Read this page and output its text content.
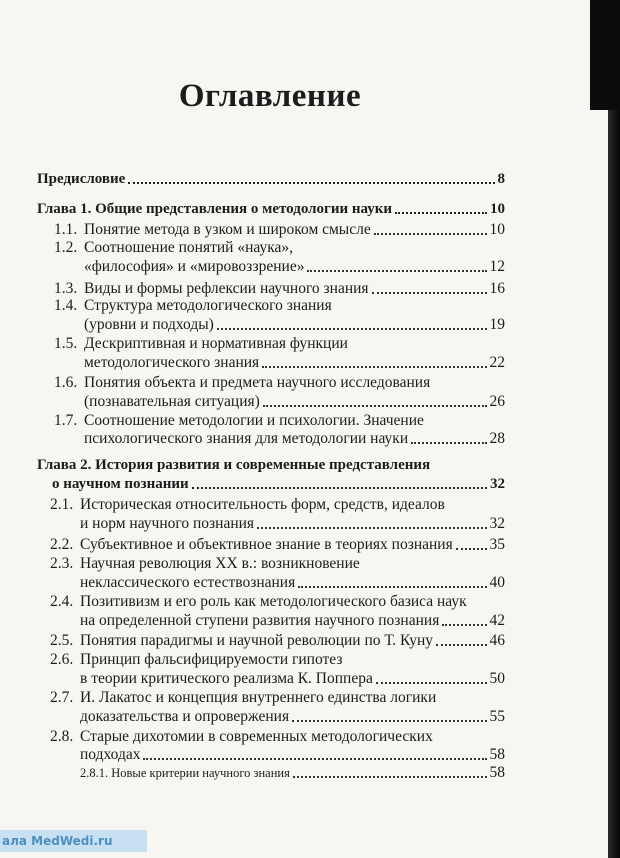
Оглавление
Предисловие	8
Глава 1. Общие представления о методологии науки	10
1.1. Понятие метода в узком и широком смысле	10
1.2. Соотношение понятий «наука»,
«философия» и «мировоззрение»	12
1.3. Виды и формы рефлексии научного знания	16
1.4. Структура методологического знания
(уровни и подходы)	19
1.5. Дескриптивная и нормативная функции
методологического знания	22
1.6. Понятия объекта и предмета научного исследования
(познавательная ситуация)	26
1.7. Соотношение методологии и психологии. Значение
психологического знания для методологии науки	28
Глава 2. История развития и современные представления
о научном познании	32
2.1. Историческая относительность форм, средств, идеалов
и норм научного познания	32
2.2. Субъективное и объективное знание в теориях познания 35
2.3. Научная революция XX в.: возникновение
неклассического естествознания	40
2.4. Позитивизм и его роль как методологического базиса наук
на определенной ступени развития научного познания	42
2.5. Понятия парадигмы и научной революции по Т. Куну	46
2.6. Принцип фальсифицируемости гипотез
в теории критического реализма К. Поппера	50
2.7. И. Лакатос и концепция внутреннего единства логики
доказательства и опровержения	55
2.8. Старые дихотомии в современных методологических
подходах	58
2.8.1. Новые критерии научного знания	58
ала MedWedi.ru
